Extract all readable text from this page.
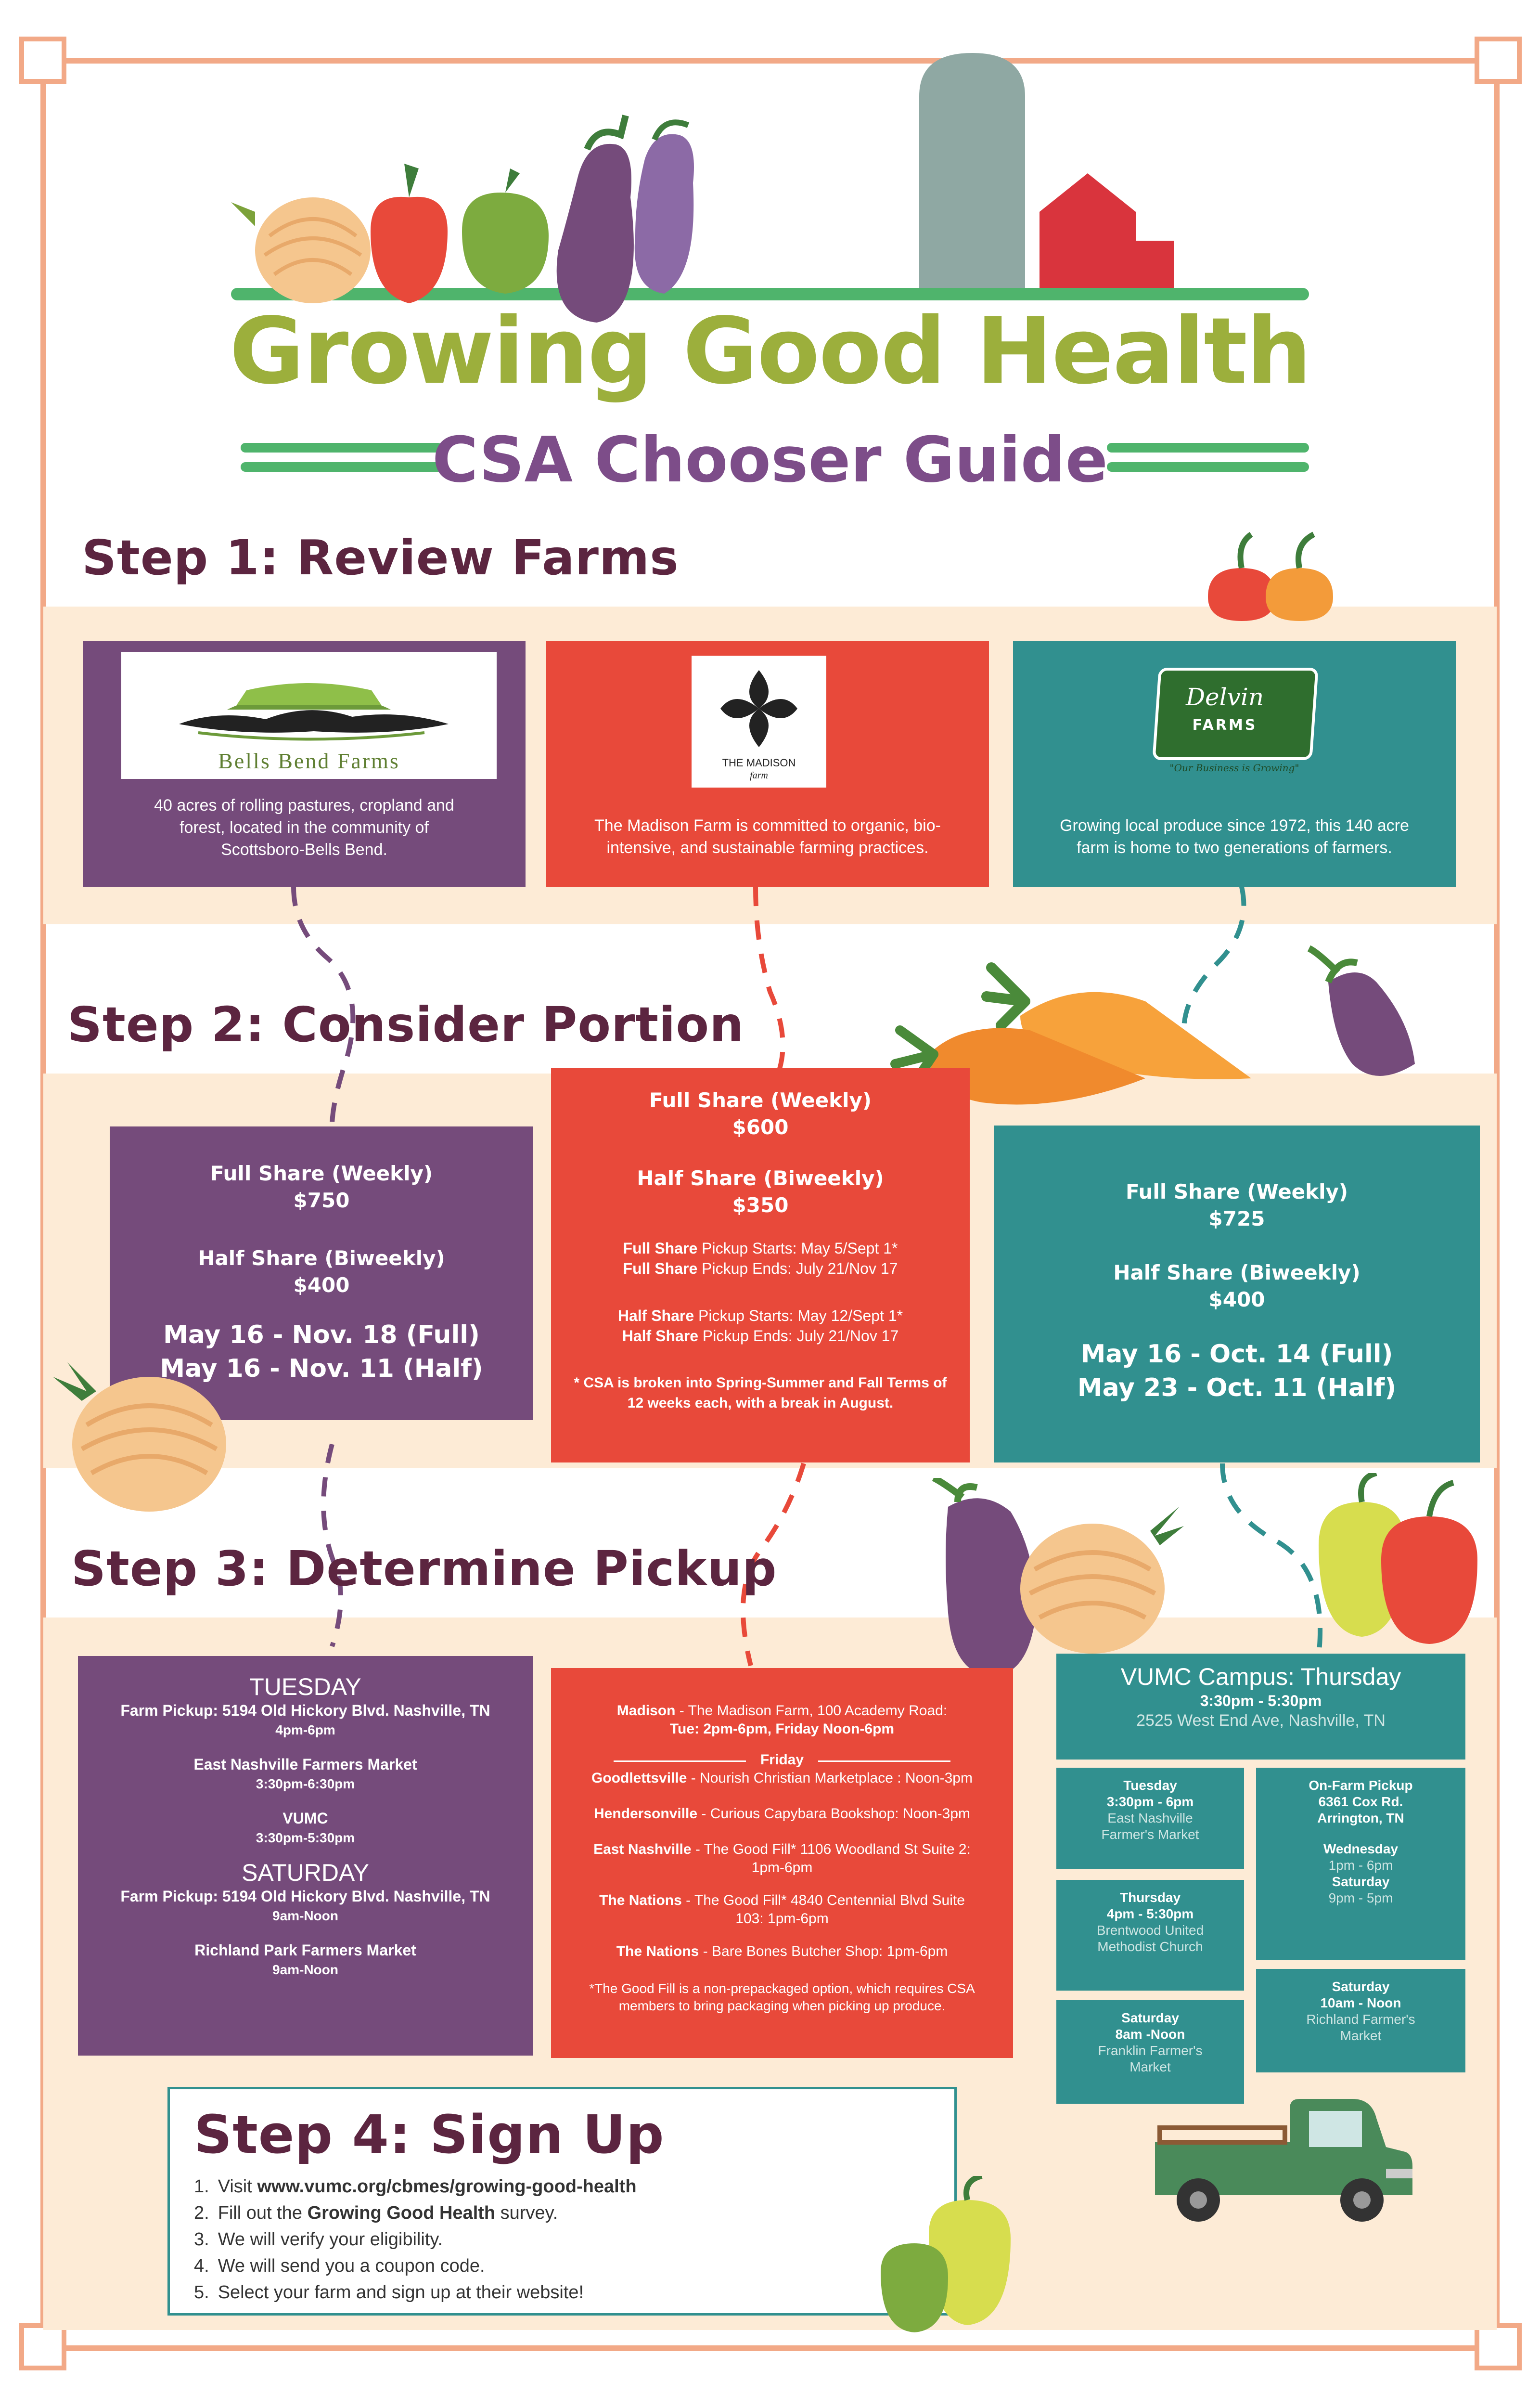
Growing Good Health
CSA Chooser Guide
Step 1: Review Farms
Bells Bend Farms
40 acres of rolling pastures, cropland and forest, located in the community of Scottsboro-Bells Bend.
THE MADISON
farm
The Madison Farm is committed to organic, bio-intensive, and sustainable farming practices.
Delvin
FARMS
"Our Business is Growing"
Growing local produce since 1972, this 140 acre farm is home to two generations of farmers.
Step 2: Consider Portion
Full Share (Weekly)
$750
Half Share (Biweekly)
$400
May 16 - Nov. 18 (Full)
May 16 - Nov. 11 (Half)
Full Share (Weekly)
$600
Half Share (Biweekly)
$350
Full Share Pickup Starts: May 5/Sept 1*
Full Share Pickup Ends: July 21/Nov 17
Half Share Pickup Starts: May 12/Sept 1*
Half Share Pickup Ends: July 21/Nov 17
* CSA is broken into Spring-Summer and Fall Terms of 12 weeks each, with a break in August.
Full Share (Weekly)
$725
Half Share (Biweekly)
$400
May 16 - Oct. 14 (Full)
May 23 - Oct. 11 (Half)
Step 3: Determine Pickup
TUESDAY
Farm Pickup: 5194 Old Hickory Blvd. Nashville, TN
4pm-6pm
East Nashville Farmers Market
3:30pm-6:30pm
VUMC
3:30pm-5:30pm
SATURDAY
Farm Pickup: 5194 Old Hickory Blvd. Nashville, TN
9am-Noon
Richland Park Farmers Market
9am-Noon
Madison - The Madison Farm, 100 Academy Road:
Tue: 2pm-6pm, Friday Noon-6pm
Friday
Goodlettsville - Nourish Christian Marketplace : Noon-3pm
Hendersonville - Curious Capybara Bookshop: Noon-3pm
East Nashville - The Good Fill* 1106 Woodland St Suite 2: 1pm-6pm
The Nations - The Good Fill* 4840 Centennial Blvd Suite 103: 1pm-6pm
The Nations - Bare Bones Butcher Shop: 1pm-6pm
*The Good Fill is a non-prepackaged option, which requires CSA members to bring packaging when picking up produce.
VUMC Campus: Thursday
3:30pm - 5:30pm
2525 West End Ave, Nashville, TN
Tuesday
3:30pm - 6pm
East Nashville Farmer's Market
Thursday
4pm - 5:30pm
Brentwood United Methodist Church
Saturday
8am -Noon
Franklin Farmer's Market
On-Farm Pickup
6361 Cox Rd.
Arrington, TN
Wednesday
1pm - 6pm
Saturday
9pm - 5pm
Saturday
10am - Noon
Richland Farmer's Market
Step 4: Sign Up
1. Visit www.vumc.org/cbmes/growing-good-health
2. Fill out the Growing Good Health survey.
3. We will verify your eligibility.
4. We will send you a coupon code.
5. Select your farm and sign up at their website!
